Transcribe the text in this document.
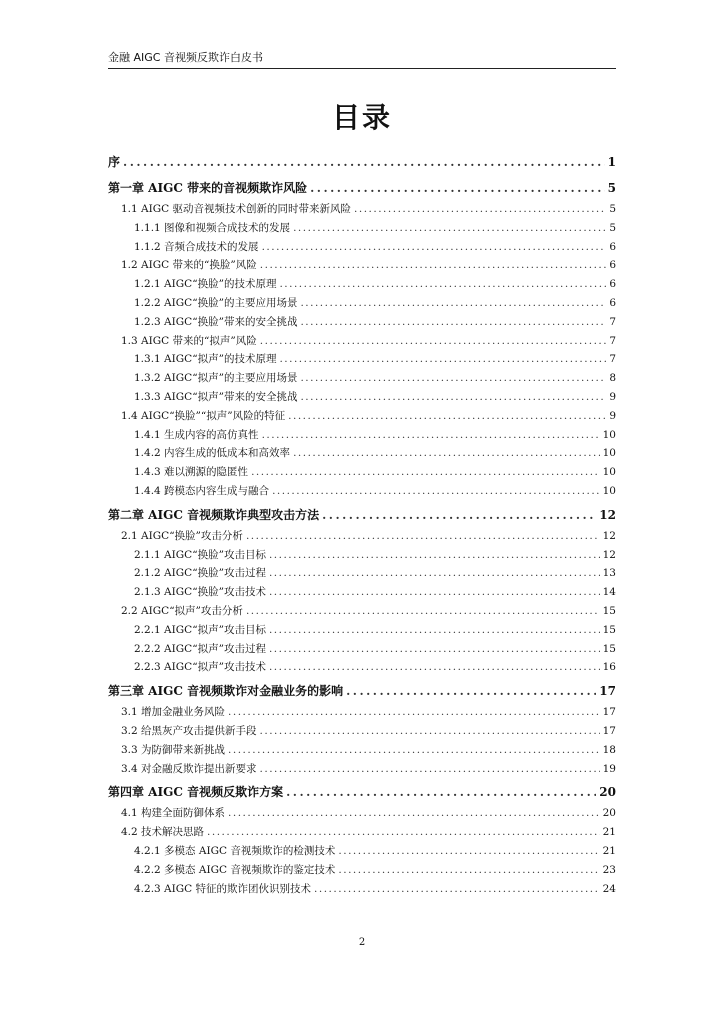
金融 AIGC 音视频反欺诈白皮书
目录
序 .....	1
第一章 AIGC 带来的音视频欺诈风险 .....	5
1.1 AIGC 驱动音视频技术创新的同时带来新风险 .....	5
1.1.1 图像和视频合成技术的发展 .....	5
1.1.2 音频合成技术的发展 .....	6
1.2 AIGC 带来的“换脸”风险 .....	6
1.2.1 AIGC“换脸”的技术原理 .....	6
1.2.2 AIGC“换脸”的主要应用场景 .....	6
1.2.3 AIGC“换脸”带来的安全挑战 .....	7
1.3 AIGC 带来的“拟声”风险 .....	7
1.3.1 AIGC“拟声”的技术原理 .....	7
1.3.2 AIGC“拟声”的主要应用场景 .....	8
1.3.3 AIGC“拟声”带来的安全挑战 .....	9
1.4 AIGC“换脸”“拟声”风险的特征 .....	9
1.4.1 生成内容的高仿真性 .....	10
1.4.2 内容生成的低成本和高效率 .....	10
1.4.3 难以溯源的隐匿性 .....	10
1.4.4 跨模态内容生成与融合 .....	10
第二章 AIGC 音视频欺诈典型攻击方法 .....	12
2.1 AIGC“换脸”攻击分析 .....	12
2.1.1 AIGC“换脸”攻击目标 .....	12
2.1.2 AIGC“换脸”攻击过程 .....	13
2.1.3 AIGC“换脸”攻击技术 .....	14
2.2 AIGC“拟声”攻击分析 .....	15
2.2.1 AIGC“拟声”攻击目标 .....	15
2.2.2 AIGC“拟声”攻击过程 .....	15
2.2.3 AIGC“拟声”攻击技术 .....	16
第三章 AIGC 音视频欺诈对金融业务的影响 .....	17
3.1 增加金融业务风险 .....	17
3.2 给黑灰产攻击提供新手段 .....	17
3.3 为防御带来新挑战 .....	18
3.4 对金融反欺诈提出新要求 .....	19
第四章 AIGC 音视频反欺诈方案 .....	20
4.1 构建全面防御体系 .....	20
4.2 技术解决思路 .....	21
4.2.1 多模态 AIGC 音视频欺诈的检测技术 .....	21
4.2.2 多模态 AIGC 音视频欺诈的鉴定技术 .....	23
4.2.3 AIGC 特征的欺诈团伙识别技术 .....	24
2
